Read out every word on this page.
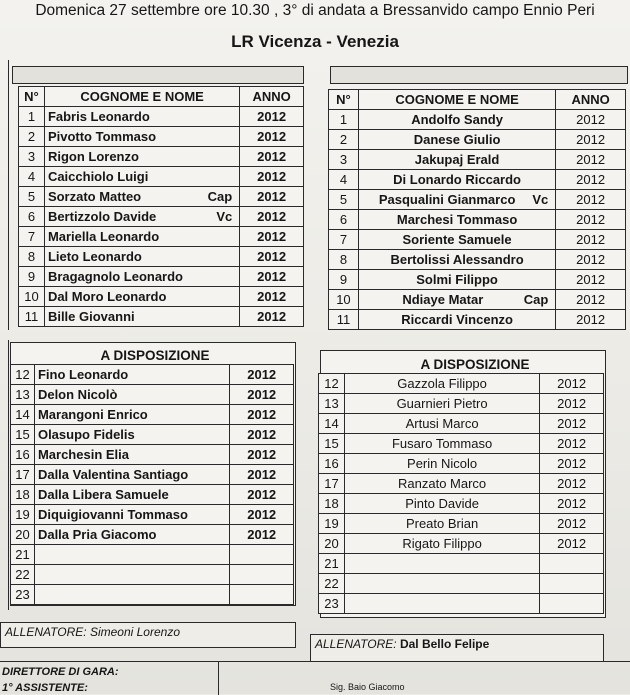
Domenica 27 settembre ore 10.30 , 3° di andata a Bressanvido campo Ennio Peri
LR Vicenza - Venezia
N°	COGNOME E NOME	ANNO
1	Fabris Leonardo	2012
2	Pivotto Tommaso	2012
3	Rigon Lorenzo	2012
4	Caicchiolo Luigi	2012
5	Sorzato Matteo Cap	2012
6	Bertizzolo Davide Vc	2012
7	Mariella Leonardo	2012
8	Lieto Leonardo	2012
9	Bragagnolo Leonardo	2012
10	Dal Moro Leonardo	2012
11	Bille Giovanni	2012
N°	COGNOME E NOME	ANNO
1	Andolfo Sandy	2012
2	Danese Giulio	2012
3	Jakupaj Erald	2012
4	Di Lonardo Riccardo	2012
5	Pasqualini Gianmarco Vc	2012
6	Marchesi Tommaso	2012
7	Soriente Samuele	2012
8	Bertolissi Alessandro	2012
9	Solmi Filippo	2012
10	Ndiaye Matar Cap	2012
11	Riccardi Vincenzo	2012
A DISPOSIZIONE
12	Fino Leonardo	2012
13	Delon Nicolò	2012
14	Marangoni Enrico	2012
15	Olasupo Fidelis	2012
16	Marchesin Elia	2012
17	Dalla Valentina Santiago	2012
18	Dalla Libera Samuele	2012
19	Diquigiovanni Tommaso	2012
20	Dalla Pria Giacomo	2012
21		
22		
23		
A DISPOSIZIONE
12	Gazzola Filippo	2012
13	Guarnieri Pietro	2012
14	Artusi Marco	2012
15	Fusaro Tommaso	2012
16	Perin Nicolo	2012
17	Ranzato Marco	2012
18	Pinto Davide	2012
19	Preato Brian	2012
20	Rigato Filippo	2012
21		
22		
23		
ALLENATORE: Simeoni Lorenzo
ALLENATORE: Dal Bello Felipe
DIRETTORE DI GARA:
1° ASSISTENTE:	Sig. Baio Giacomo
